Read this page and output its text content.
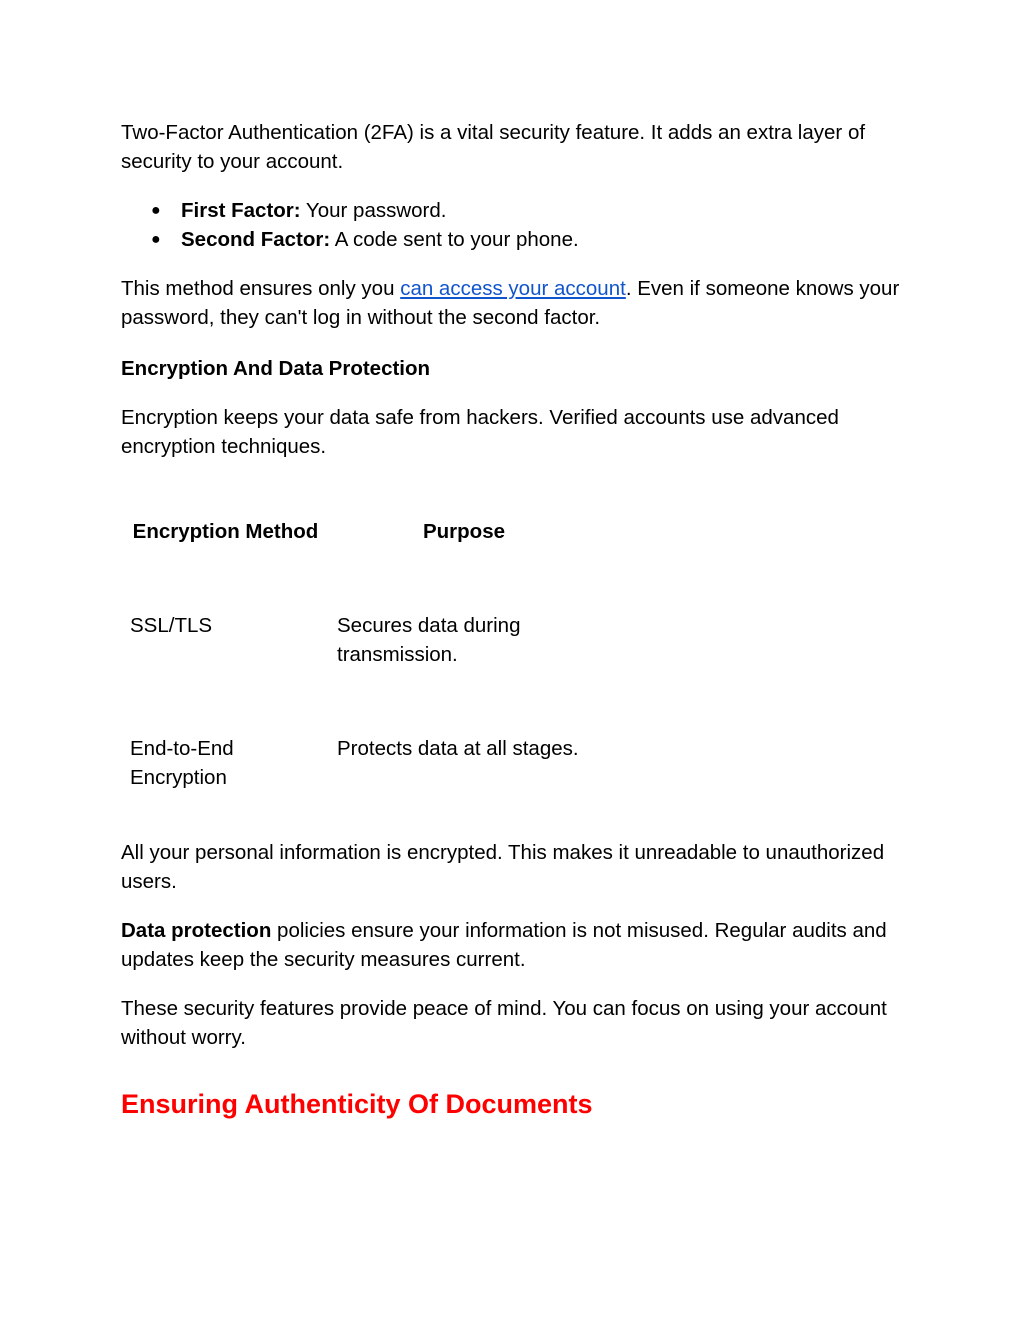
Two-Factor Authentication (2FA) is a vital security feature. It adds an extra layer of security to your account.

● First Factor: Your password.
● Second Factor: A code sent to your phone.

This method ensures only you can access your account. Even if someone knows your password, they can't log in without the second factor.

Encryption And Data Protection

Encryption keeps your data safe from hackers. Verified accounts use advanced encryption techniques.

Encryption Method	Purpose
SSL/TLS	Secures data during transmission.
End-to-End Encryption	Protects data at all stages.

All your personal information is encrypted. This makes it unreadable to unauthorized users.

Data protection policies ensure your information is not misused. Regular audits and updates keep the security measures current.

These security features provide peace of mind. You can focus on using your account without worry.

Ensuring Authenticity Of Documents
